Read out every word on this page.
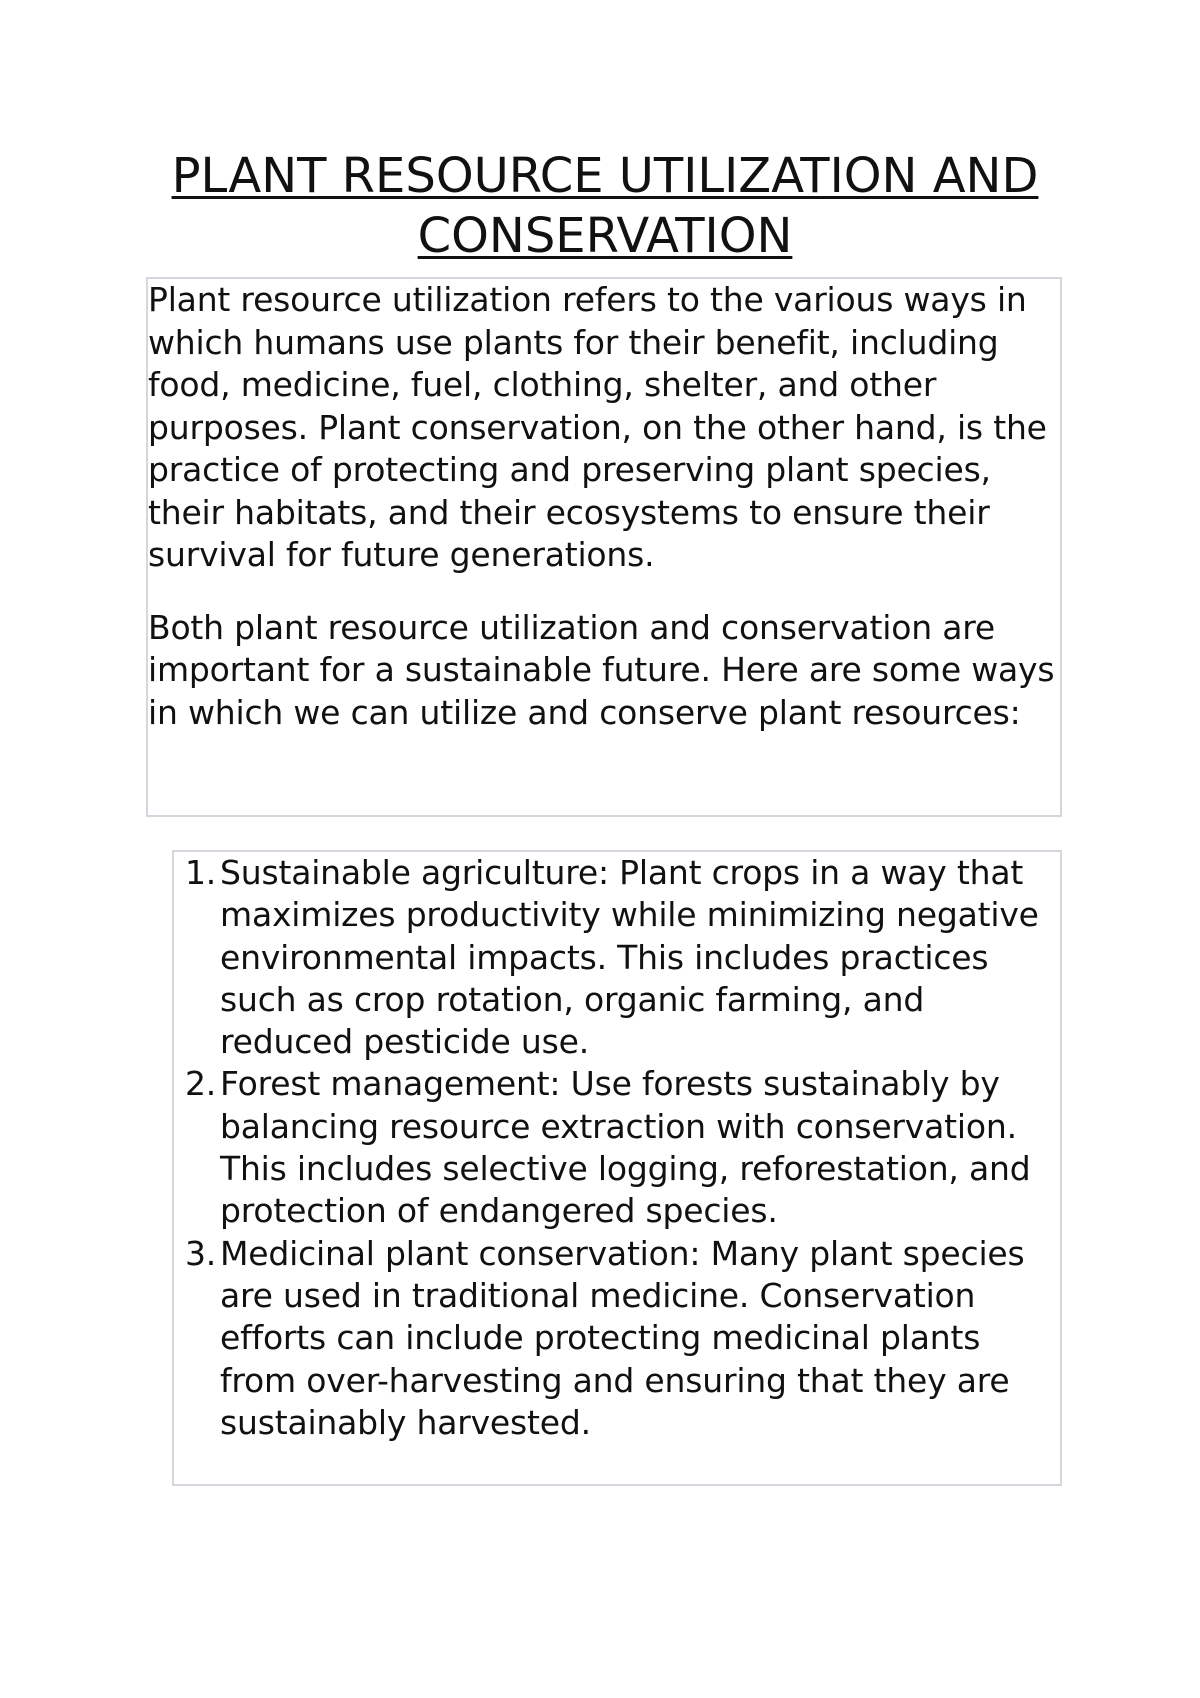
PLANT RESOURCE UTILIZATION AND CONSERVATION

Plant resource utilization refers to the various ways in which humans use plants for their benefit, including food, medicine, fuel, clothing, shelter, and other purposes. Plant conservation, on the other hand, is the practice of protecting and preserving plant species, their habitats, and their ecosystems to ensure their survival for future generations.

Both plant resource utilization and conservation are important for a sustainable future. Here are some ways in which we can utilize and conserve plant resources:

1. Sustainable agriculture: Plant crops in a way that maximizes productivity while minimizing negative environmental impacts. This includes practices such as crop rotation, organic farming, and reduced pesticide use.
2. Forest management: Use forests sustainably by balancing resource extraction with conservation. This includes selective logging, reforestation, and protection of endangered species.
3. Medicinal plant conservation: Many plant species are used in traditional medicine. Conservation efforts can include protecting medicinal plants from over-harvesting and ensuring that they are sustainably harvested.
